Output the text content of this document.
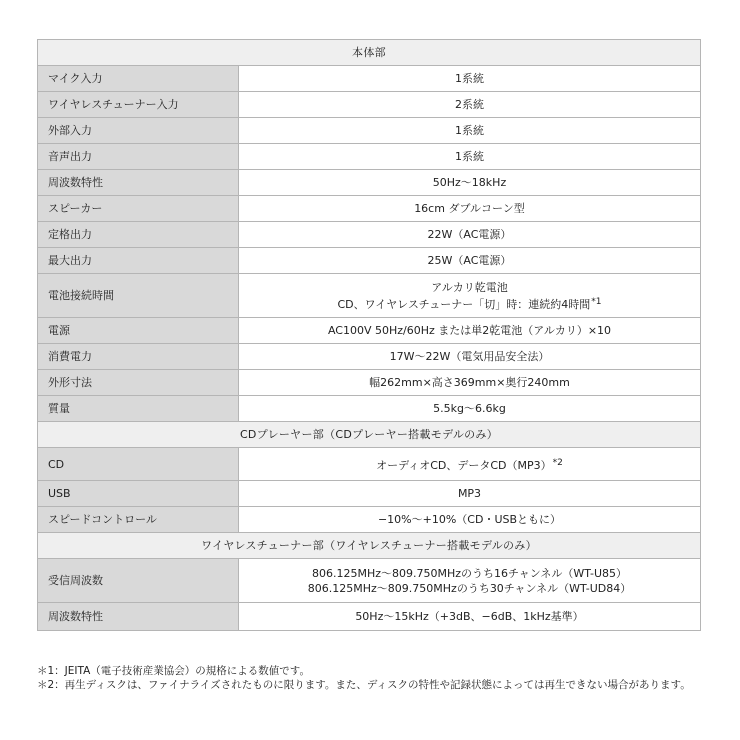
本体部	
マイク入力	1系統
ワイヤレスチューナー入力	2系統
外部入力	1系統
音声出力	1系統
周波数特性	50Hz〜18kHz
スピーカー	16cm ダブルコーン型
定格出力	22W（AC電源）
最大出力	25W（AC電源）
電池接続時間	アルカリ乾電池
CD、ワイヤレスチューナー「切」時：連続約4時間$^{*1}$

電源	AC100V 50Hz/60Hz または単2乾電池（アルカリ）×10
消費電力	17W〜22W（電気用品安全法）
外形寸法	幅262mm×高さ369mm×奥行240mm
質量	5.5kg〜6.6kg
CDプレーヤー部（CDプレーヤー搭載モデルのみ）	
CD	オーディオCD、データ$CD(MP3)^{*2}$
USB	MP3
スピードコントロール	−10%〜+10%（CD・USBともに）
ワイヤレスチューナー部（ワイヤレスチューナー搭載モデルのみ）	
受信周波数	806.125MHz〜809.750MHzのうち16チャンネル（WT-U85）
806.125MHz〜809.750MHzのうち30チャンネル（WT-UD84）

周波数特性	50Hz〜15kHz（+3dB、−6dB、1kHz基準）

＊1：JEITA（電子技術産業協会）の規格による数値です。

＊2：再生ディスクは、ファイナライズされたものに限ります。また、ディスクの特性や記録状態によっては再生できない場合があります。
